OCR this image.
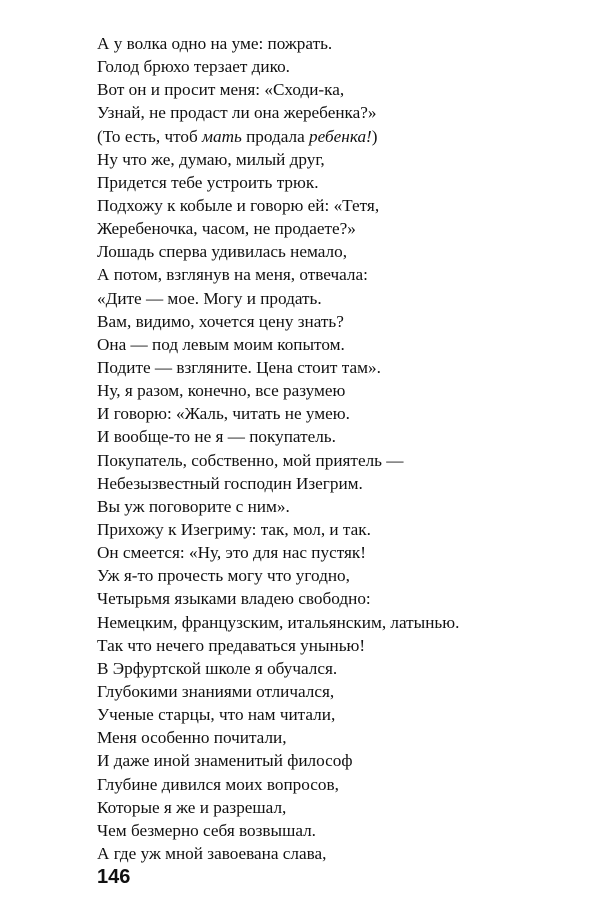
А у волка одно на уме: пожрать.
Голод брюхо терзает дико.
Вот он и просит меня: «Сходи-ка,
Узнай, не продаст ли она жеребенка?»
(То есть, чтоб мать продала ребенка!)
Ну что же, думаю, милый друг,
Придется тебе устроить трюк.
Подхожу к кобыле и говорю ей: «Тетя,
Жеребеночка, часом, не продаете?»
Лошадь сперва удивилась немало,
А потом, взглянув на меня, отвечала:
«Дите — мое. Могу и продать.
Вам, видимо, хочется цену знать?
Она — под левым моим копытом.
Подите — взгляните. Цена стоит там».
Ну, я разом, конечно, все разумею
И говорю: «Жаль, читать не умею.
И вообще-то не я — покупатель.
Покупатель, собственно, мой приятель —
Небезызвестный господин Изегрим.
Вы уж поговорите с ним».
Прихожу к Изегриму: так, мол, и так.
Он смеется: «Ну, это для нас пустяк!
Уж я-то прочесть могу что угодно,
Четырьмя языками владею свободно:
Немецким, французским, итальянским, латынью.
Так что нечего предаваться унынью!
В Эрфуртской школе я обучался.
Глубокими знаниями отличался,
Ученые старцы, что нам читали,
Меня особенно почитали,
И даже иной знаменитый философ
Глубине дивился моих вопросов,
Которые я же и разрешал,
Чем безмерно себя возвышал.
А где уж мной завоевана слава,
146
